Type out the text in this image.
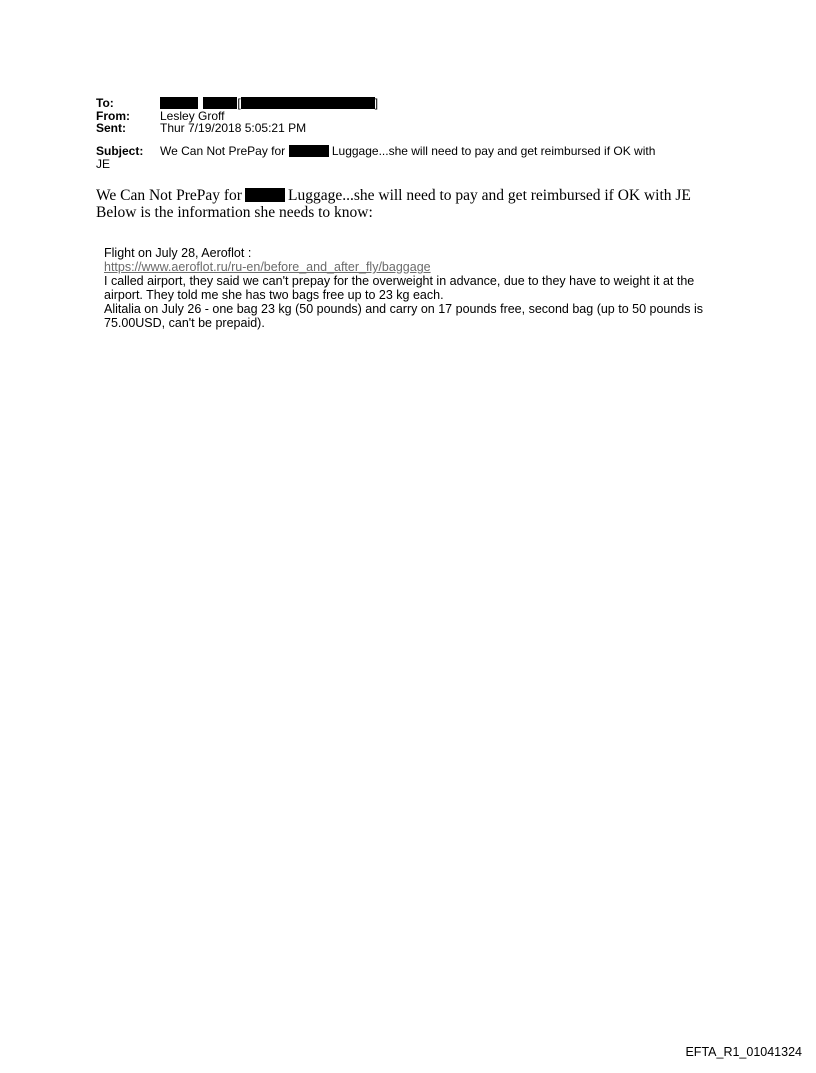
To:	[	]
From:	Lesley Groff
Sent:	Thur 7/19/2018 5:05:21 PM
Subject: We Can Not PrePay for	Luggage...she will need to pay and get reimbursed if OK with
JE
We Can Not PrePay for	Luggage...she will need to pay and get reimbursed if OK with JE
Below is the information she needs to know:
Flight on July 28, Aeroflot :
https://www.aeroflot.ru/ru-en/before_and_after_fly/baggage
I called airport, they said we can't prepay for the overweight in advance, due to they have to weight it at the airport. They told me she has two bags free up to 23 kg each.
Alitalia on July 26 - one bag 23 kg (50 pounds) and carry on 17 pounds free, second bag (up to 50 pounds is 75.00USD, can't be prepaid).
EFTA_R1_01041324
